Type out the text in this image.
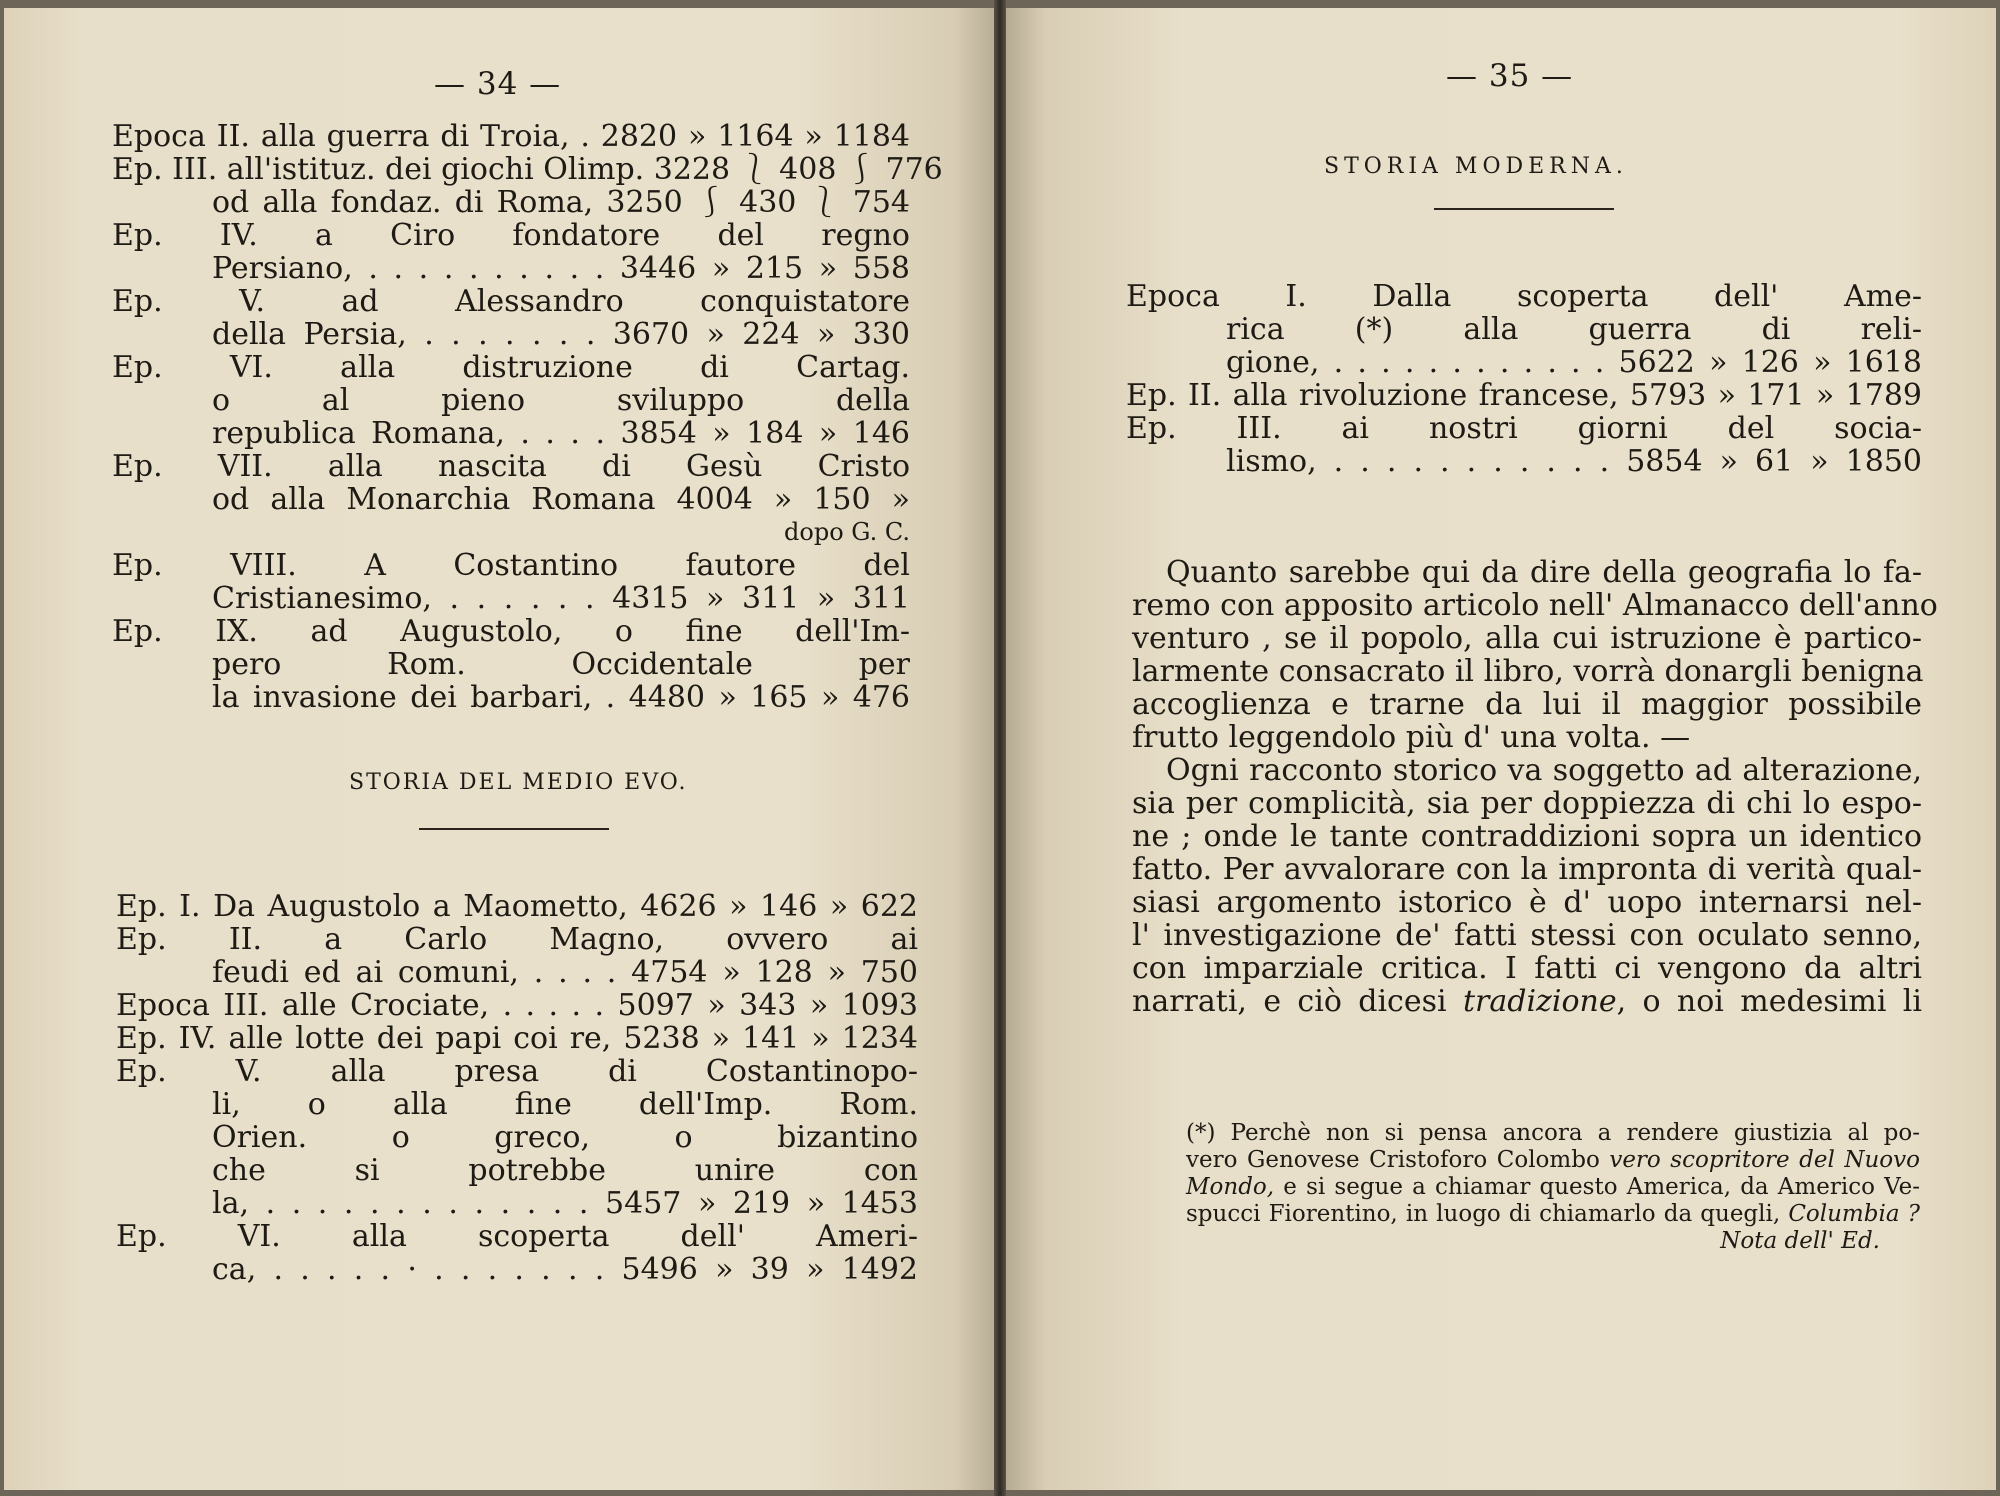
— 34 —
Epoca II. alla guerra di Troia, . 2820 » 1164 » 1184
Ep. III. all'istituz. dei giochi Olimp. 3228 ⎱ 408 ⎰ 776
od alla fondaz. di Roma, 3250 ⎰ 430 ⎱ 754
Ep. IV. a Ciro fondatore del regno
Persiano, . . . . . . . . . . 3446 » 215 » 558
Ep. V. ad Alessandro conquistatore
della Persia, . . . . . . . 3670 » 224 » 330
Ep. VI. alla distruzione di Cartag.
o al pieno sviluppo della
republica Romana, . . . . 3854 » 184 » 146
Ep. VII. alla nascita di Gesù Cristo
od alla Monarchia Romana 4004 » 150 »
dopo G. C.
Ep. VIII. A Costantino fautore del
Cristianesimo, . . . . . . 4315 » 311 » 311
Ep. IX. ad Augustolo, o fine dell'Im-
pero Rom. Occidentale per
la invasione dei barbari, . 4480 » 165 » 476
STORIA DEL MEDIO EVO.
Ep. I. Da Augustolo a Maometto, 4626 » 146 » 622
Ep. II. a Carlo Magno, ovvero ai
feudi ed ai comuni, . . . . 4754 » 128 » 750
Epoca III. alle Crociate, . . . . . 5097 » 343 » 1093
Ep. IV. alle lotte dei papi coi re, 5238 » 141 » 1234
Ep. V. alla presa di Costantinopo-
li, o alla fine dell'Imp. Rom.
Orien. o greco, o bizantino
che si potrebbe unire con
la, . . . . . . . . . . . . . 5457 » 219 » 1453
Ep. VI. alla scoperta dell' Ameri-
ca, . . . . . · . . . . . . . 5496 » 39 » 1492
— 35 —
STORIA MODERNA.
Epoca I. Dalla scoperta dell' Ame-
rica (*) alla guerra di reli-
gione, . . . . . . . . . . . . 5622 » 126 » 1618
Ep. II. alla rivoluzione francese, 5793 » 171 » 1789
Ep. III. ai nostri giorni del socia-
lismo, . . . . . . . . . . . 5854 » 61 » 1850
Quanto sarebbe qui da dire della geografia lo fa-
remo con apposito articolo nell' Almanacco dell'anno
venturo , se il popolo, alla cui istruzione è partico-
larmente consacrato il libro, vorrà donargli benigna
accoglienza e trarne da lui il maggior possibile
frutto leggendolo più d' una volta. —
Ogni racconto storico va soggetto ad alterazione,
sia per complicità, sia per doppiezza di chi lo espo-
ne ; onde le tante contraddizioni sopra un identico
fatto. Per avvalorare con la impronta di verità qual-
siasi argomento istorico è d' uopo internarsi nel-
l' investigazione de' fatti stessi con oculato senno,
con imparziale critica. I fatti ci vengono da altri
narrati, e ciò dicesi tradizione, o noi medesimi li
(*) Perchè non si pensa ancora a rendere giustizia al po-
vero Genovese Cristoforo Colombo vero scopritore del Nuovo
Mondo, e si segue a chiamar questo America, da Americo Ve-
spucci Fiorentino, in luogo di chiamarlo da quegli, Columbia ?
Nota dell' Ed.
